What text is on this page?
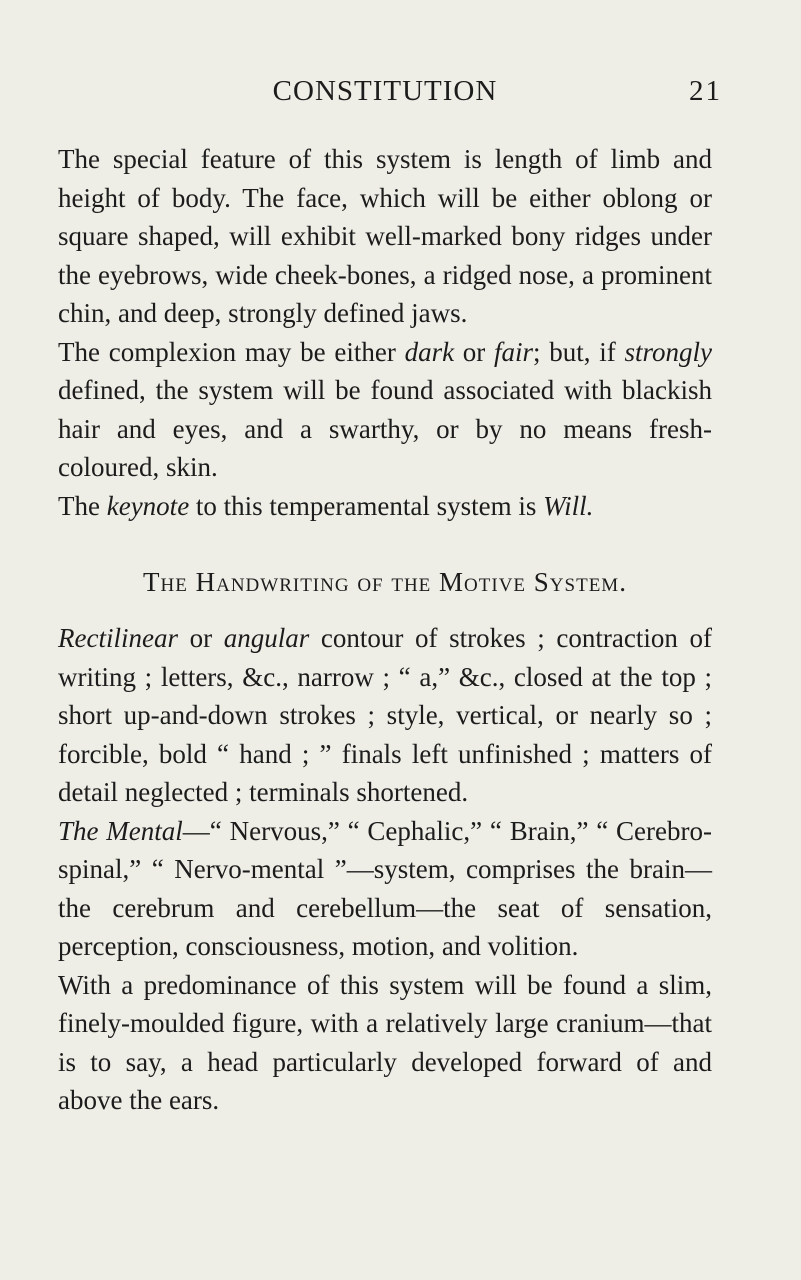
CONSTITUTION	21

The special feature of this system is length of limb and height of body. The face, which will be either oblong or square shaped, will exhibit well-marked bony ridges under the eyebrows, wide cheek-bones, a ridged nose, a prominent chin, and deep, strongly defined jaws.

The complexion may be either dark or fair; but, if strongly defined, the system will be found associated with blackish hair and eyes, and a swarthy, or by no means fresh-coloured, skin.

The keynote to this temperamental system is Will.

The Handwriting of the Motive System.

Rectilinear or angular contour of strokes ; contraction of writing ; letters, &c., narrow ; “ a,” &c., closed at the top ; short up-and-down strokes ; style, vertical, or nearly so ; forcible, bold “ hand ; ” finals left unfinished ; matters of detail neglected ; terminals shortened.

The Mental—“ Nervous,” “ Cephalic,” “ Brain,” “ Cerebro-spinal,” “ Nervo-mental ”—system, comprises the brain—the cerebrum and cerebellum—the seat of sensation, perception, consciousness, motion, and volition.

With a predominance of this system will be found a slim, finely-moulded figure, with a relatively large cranium—that is to say, a head particularly developed forward of and above the ears.
